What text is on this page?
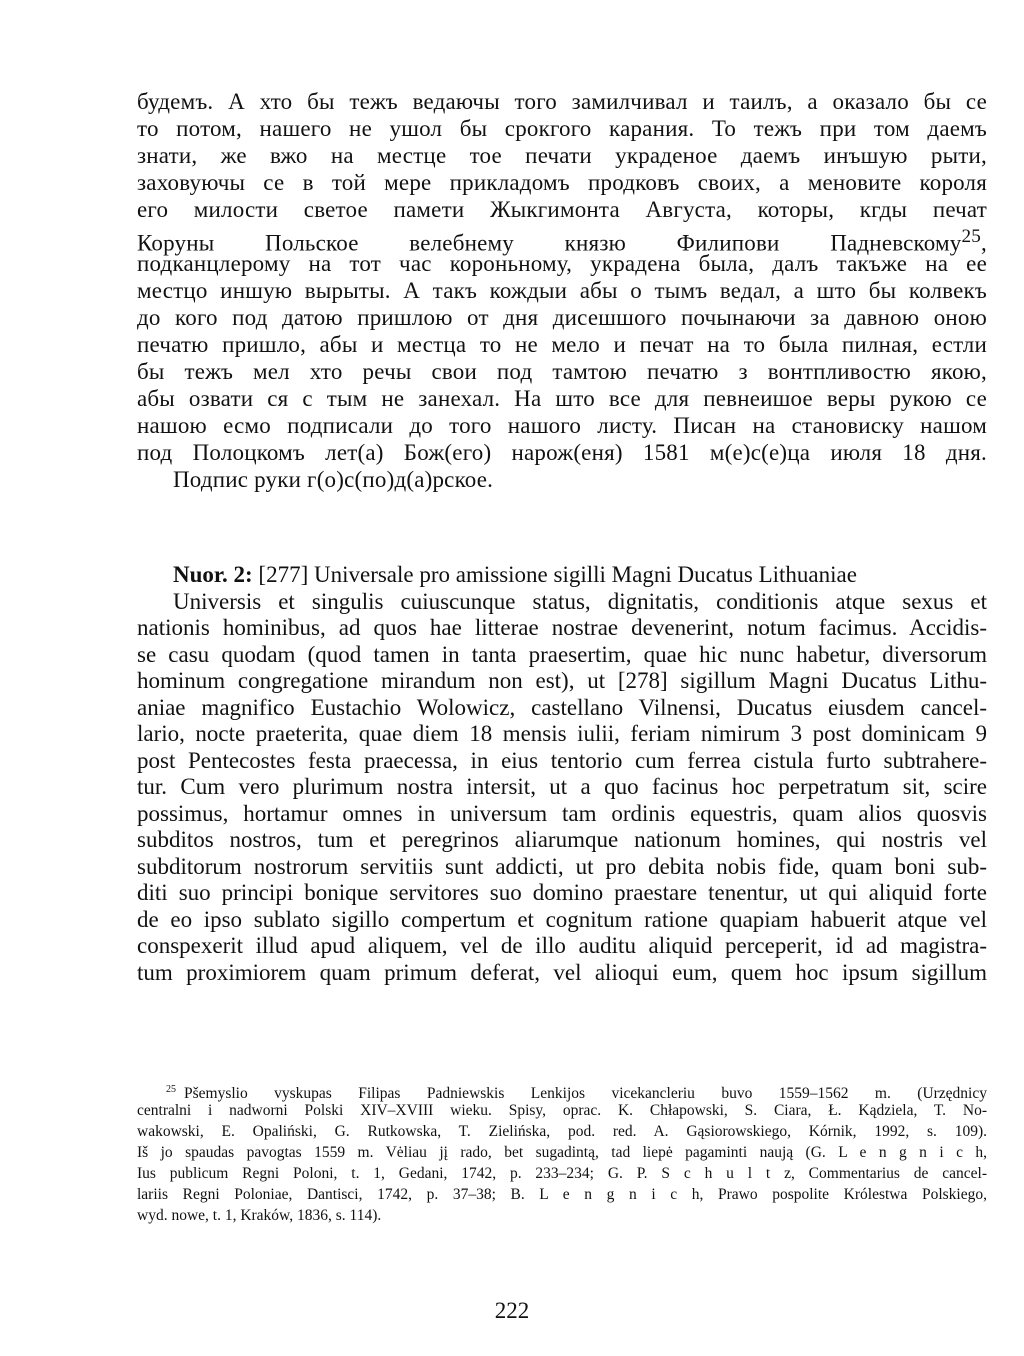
будемъ. А хто бы тежъ ведаючы того замилчивал и таилъ, а оказало бы се
то потом, нашего не ушол бы срокгого карания. То тежъ при том даемъ
знати, же вжо на местце тое печати украденое даемъ инъшую рыти,
заховуючы се в той мере прикладомъ продковъ своих, а меновите короля
его милости светое памети Жыкгимонта Августа, которы, кгды печат
Коруны Польское велебнему князю Филипови Падневскому$^{25}$,
подканцлерому на тот час короньному, украдена была, далъ такъже на ее
местцо иншую вырыты. А такъ кождыи абы о тымъ ведал, а што бы колвекъ
до кого под датою пришлою от дня дисешшого почынаючи за давною оною
печатю пришло, абы и местца то не мело и печат на то была пилная, естли
бы тежъ мел хто речы свои под тамтою печатю з вонтпливостю якою,
абы озвати ся с тым не занехал. На што все для певнеишое веры рукою се
нашою есмо подписали до того нашого листу. Писан на становиску нашом
под Полоцкомъ лет(а) Бож(его) нарож(еня) 1581 м(е)с(е)ца июля 18 дня.
Подпис руки г(о)с(по)д(а)рское.
Nuor. 2: [277] Universale pro amissione sigilli Magni Ducatus Lithuaniae
Universis et singulis cuiuscunque status, dignitatis, conditionis atque sexus et
nationis hominibus, ad quos hae litterae nostrae devenerint, notum facimus. Accidis-
se casu quodam (quod tamen in tanta praesertim, quae hic nunc habetur, diversorum
hominum congregatione mirandum non est), ut [278] sigillum Magni Ducatus Lithu-
aniae magnifico Eustachio Wolowicz, castellano Vilnensi, Ducatus eiusdem cancel-
lario, nocte praeterita, quae diem 18 mensis iulii, feriam nimirum 3 post dominicam 9
post Pentecostes festa praecessa, in eius tentorio cum ferrea cistula furto subtrahere-
tur. Cum vero plurimum nostra intersit, ut a quo facinus hoc perpetratum sit, scire
possimus, hortamur omnes in universum tam ordinis equestris, quam alios quosvis
subditos nostros, tum et peregrinos aliarumque nationum homines, qui nostris vel
subditorum nostrorum servitiis sunt addicti, ut pro debita nobis fide, quam boni sub-
diti suo principi bonique servitores suo domino praestare tenentur, ut qui aliquid forte
de eo ipso sublato sigillo compertum et cognitum ratione quapiam habuerit atque vel
conspexerit illud apud aliquem, vel de illo auditu aliquid perceperit, id ad magistra-
tum proximiorem quam primum deferat, vel alioqui eum, quem hoc ipsum sigillum
$^{25}$ Pšemyslio vyskupas Filipas Padniewskis Lenkijos vicekancleriu buvo 1559–1562 m. (Urzędnicy
centralni i nadworni Polski XIV–XVIII wieku. Spisy, oprac. K. Chłapowski, S. Ciara, Ł. Kądziela, T. No-
wakowski, E. Opaliński, G. Rutkowska, T. Zielińska, pod. red. A. Gąsiorowskiego, Kórnik, 1992, s. 109).
Iš jo spaudas pavogtas 1559 m. Vėliau jį rado, bet sugadintą, tad liepė pagaminti naują (G. L e n g n i c h,
Ius publicum Regni Poloni, t. 1, Gedani, 1742, p. 233–234; G. P. S c h u l t z, Commentarius de cancel-
lariis Regni Poloniae, Dantisci, 1742, p. 37–38; B. L e n g n i c h, Prawo pospolite Królestwa Polskiego,
wyd. nowe, t. 1, Kraków, 1836, s. 114).
222
